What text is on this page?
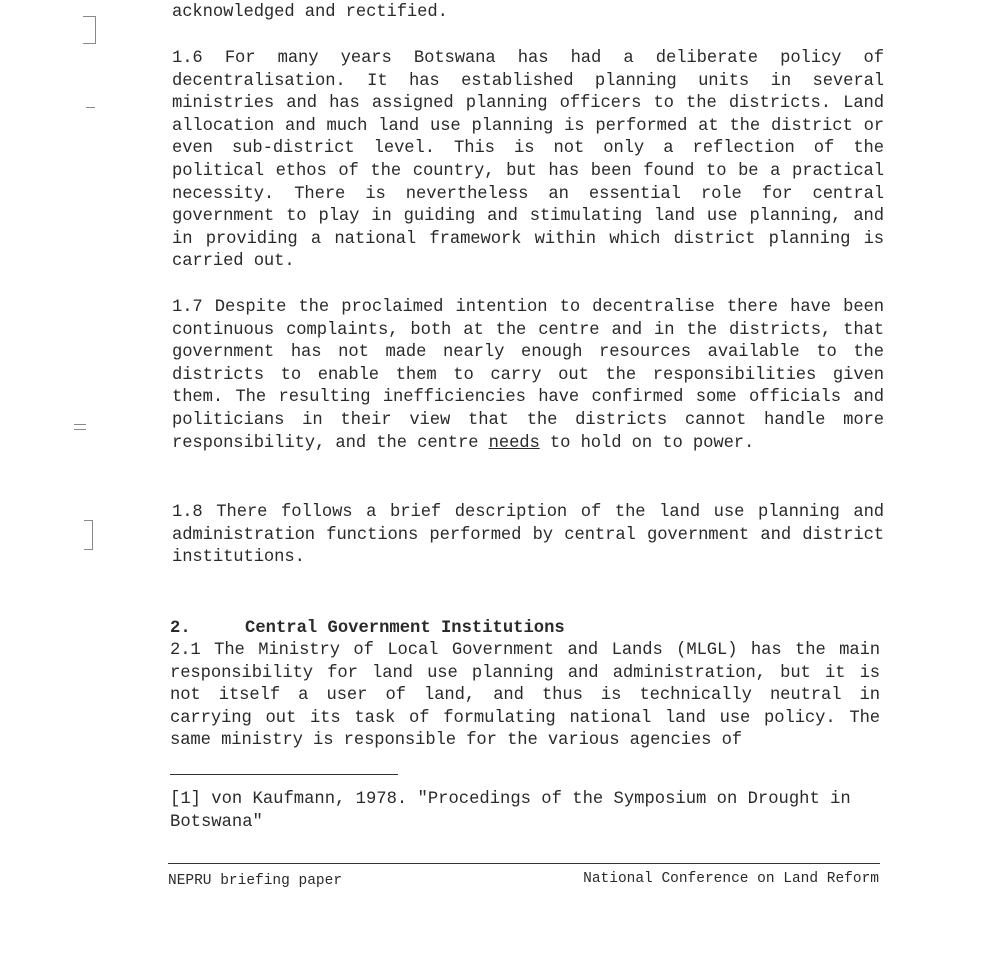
acknowledged and rectified.

1.6 For many years Botswana has had a deliberate policy of decentralisation. It has established planning units in several ministries and has assigned planning officers to the districts. Land allocation and much land use planning is performed at the district or even sub-district level. This is not only a reflection of the political ethos of the country, but has been found to be a practical necessity. There is nevertheless an essential role for central government to play in guiding and stimulating land use planning, and in providing a national framework within which district planning is carried out.

1.7 Despite the proclaimed intention to decentralise there have been continuous complaints, both at the centre and in the districts, that government has not made nearly enough resources available to the districts to enable them to carry out the responsibilities given them. The resulting inefficiencies have confirmed some officials and politicians in their view that the districts cannot handle more responsibility, and the centre needs to hold on to power.

1.8 There follows a brief description of the land use planning and administration functions performed by central government and district institutions.

2.	Central Government Institutions

2.1 The Ministry of Local Government and Lands (MLGL) has the main responsibility for land use planning and administration, but it is not itself a user of land, and thus is technically neutral in carrying out its task of formulating national land use policy. The same ministry is responsible for the various agencies of

[1] von Kaufmann, 1978. "Procedings of the Symposium on Drought in Botswana"
NEPRU briefing paper	National Conference on Land Reform
